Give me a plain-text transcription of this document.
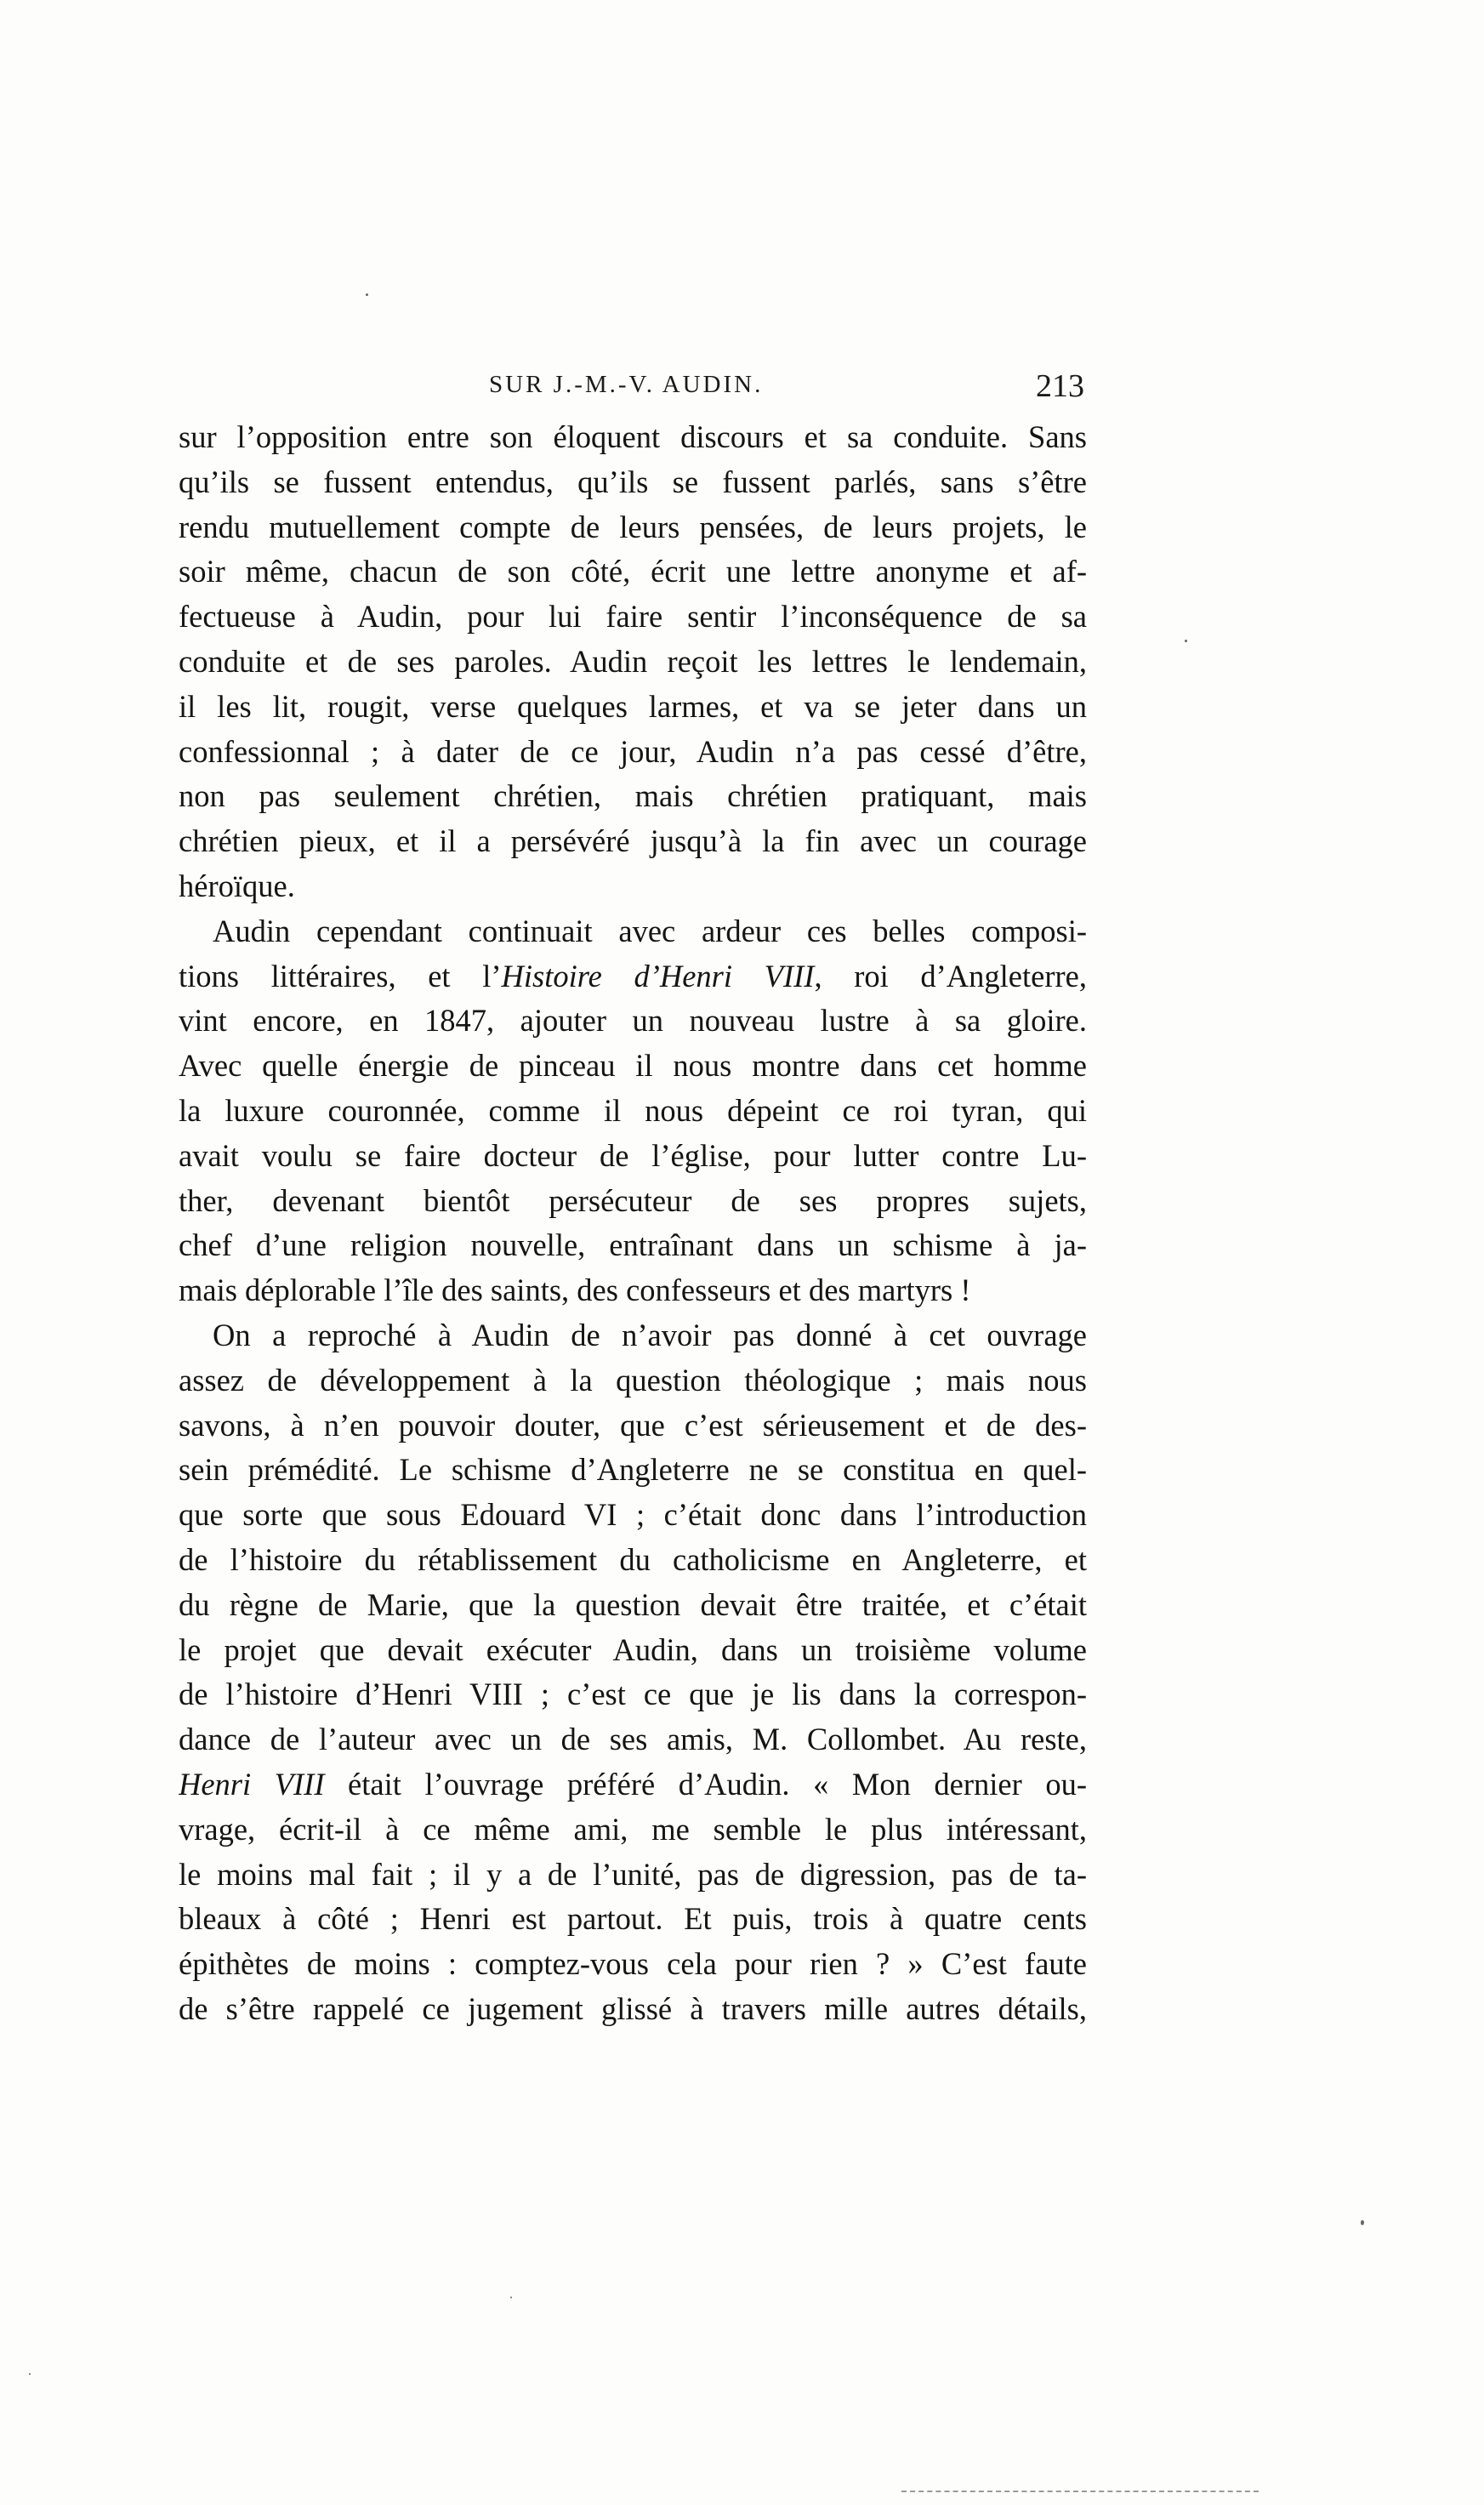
SUR J.-M.-V. AUDIN.	213
sur l’opposition entre son éloquent discours et sa conduite. Sans
qu’ils se fussent entendus, qu’ils se fussent parlés, sans s’être
rendu mutuellement compte de leurs pensées, de leurs projets, le
soir même, chacun de son côté, écrit une lettre anonyme et af-
fectueuse à Audin, pour lui faire sentir l’inconséquence de sa
conduite et de ses paroles. Audin reçoit les lettres le lendemain,
il les lit, rougit, verse quelques larmes, et va se jeter dans un
confessionnal ; à dater de ce jour, Audin n’a pas cessé d’être,
non pas seulement chrétien, mais chrétien pratiquant, mais
chrétien pieux, et il a persévéré jusqu’à la fin avec un courage
héroïque.
Audin cependant continuait avec ardeur ces belles composi-
tions littéraires, et l’Histoire d’Henri VIII, roi d’Angleterre,
vint encore, en 1847, ajouter un nouveau lustre à sa gloire.
Avec quelle énergie de pinceau il nous montre dans cet homme
la luxure couronnée, comme il nous dépeint ce roi tyran, qui
avait voulu se faire docteur de l’église, pour lutter contre Lu-
ther, devenant bientôt persécuteur de ses propres sujets,
chef d’une religion nouvelle, entraînant dans un schisme à ja-
mais déplorable l’île des saints, des confesseurs et des martyrs !
On a reproché à Audin de n’avoir pas donné à cet ouvrage
assez de développement à la question théologique ; mais nous
savons, à n’en pouvoir douter, que c’est sérieusement et de des-
sein prémédité. Le schisme d’Angleterre ne se constitua en quel-
que sorte que sous Edouard VI ; c’était donc dans l’introduction
de l’histoire du rétablissement du catholicisme en Angleterre, et
du règne de Marie, que la question devait être traitée, et c’était
le projet que devait exécuter Audin, dans un troisième volume
de l’histoire d’Henri VIII ; c’est ce que je lis dans la correspon-
dance de l’auteur avec un de ses amis, M. Collombet. Au reste,
Henri VIII était l’ouvrage préféré d’Audin. « Mon dernier ou-
vrage, écrit-il à ce même ami, me semble le plus intéressant,
le moins mal fait ; il y a de l’unité, pas de digression, pas de ta-
bleaux à côté ; Henri est partout. Et puis, trois à quatre cents
épithètes de moins : comptez-vous cela pour rien ? » C’est faute
de s’être rappelé ce jugement glissé à travers mille autres détails,
